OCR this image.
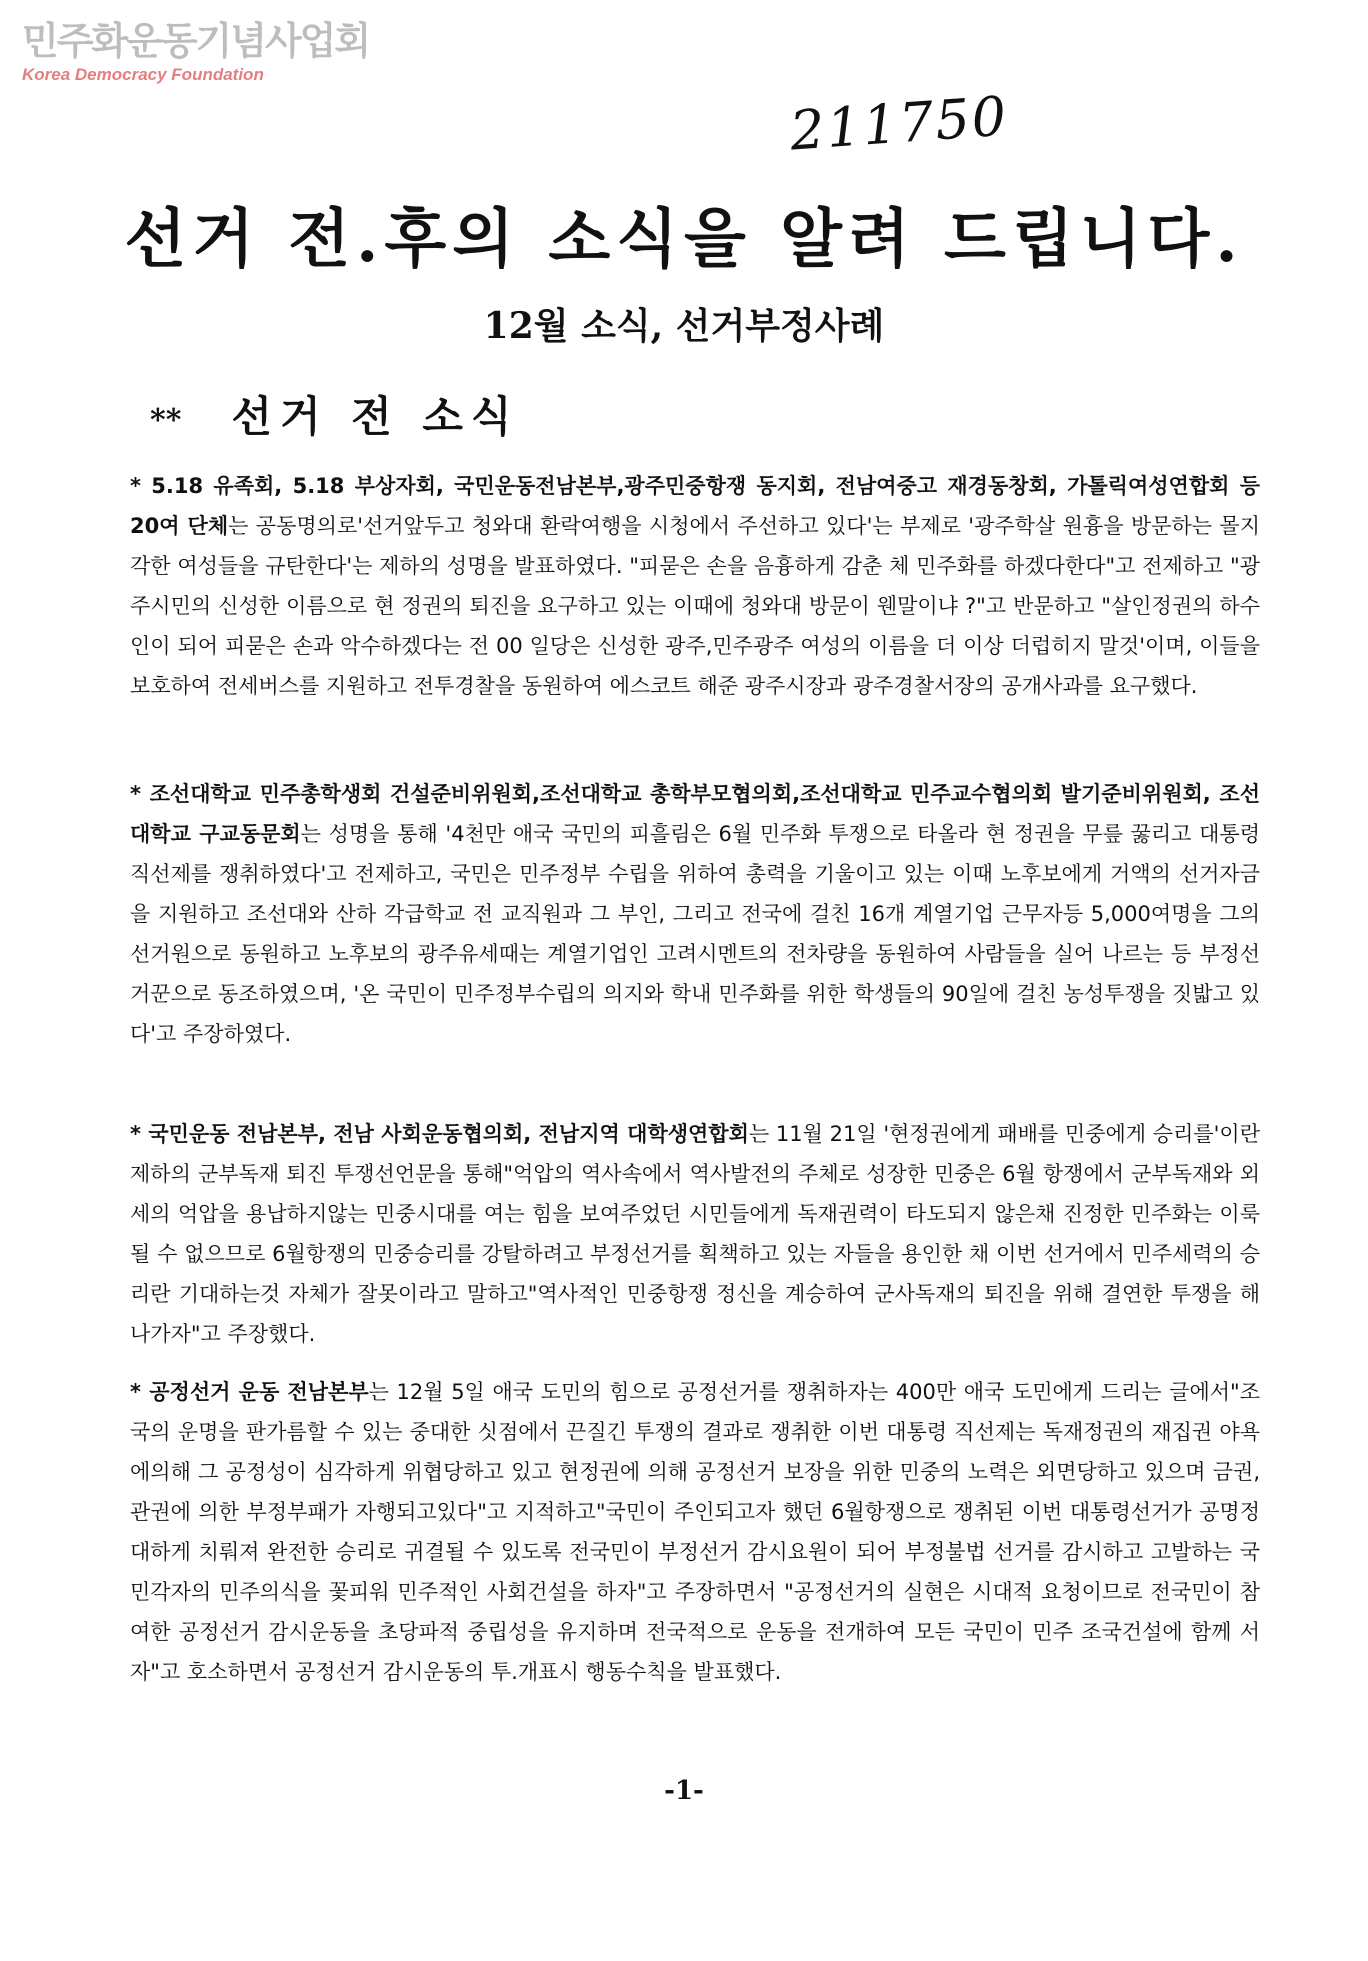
민주화운동기념사업회
Korea Democracy Foundation
211750
선거 전.후의 소식을 알려 드립니다.
12월 소식, 선거부정사례
** 선거 전 소식
* 5.18 유족회, 5.18 부상자회, 국민운동전남본부,광주민중항쟁 동지회, 전남여중고 재경동창회, 가톨릭여성연합회 등 20여 단체는 공동명의로'선거앞두고 청와대 환락여행을 시청에서 주선하고 있다'는 부제로 '광주학살 원흉을 방문하는 몰지각한 여성들을 규탄한다'는 제하의 성명을 발표하였다. "피묻은 손을 음흉하게 감춘 체 민주화를 하겠다한다"고 전제하고 "광주시민의 신성한 이름으로 현 정권의 퇴진을 요구하고 있는 이때에 청와대 방문이 웬말이냐 ?"고 반문하고 "살인정권의 하수인이 되어 피묻은 손과 악수하겠다는 전 00 일당은 신성한 광주,민주광주 여성의 이름을 더 이상 더럽히지 말것'이며, 이들을 보호하여 전세버스를 지원하고 전투경찰을 동원하여 에스코트 해준 광주시장과 광주경찰서장의 공개사과를 요구했다.
* 조선대학교 민주총학생회 건설준비위원회,조선대학교 총학부모협의회,조선대학교 민주교수협의회 발기준비위원회, 조선대학교 구교동문회는 성명을 통해 '4천만 애국 국민의 피흘림은 6월 민주화 투쟁으로 타올라 현 정권을 무릎 꿇리고 대통령 직선제를 쟁취하였다'고 전제하고, 국민은 민주정부 수립을 위하여 총력을 기울이고 있는 이때 노후보에게 거액의 선거자금을 지원하고 조선대와 산하 각급학교 전 교직원과 그 부인, 그리고 전국에 걸친 16개 계열기업 근무자등 5,000여명을 그의 선거원으로 동원하고 노후보의 광주유세때는 계열기업인 고려시멘트의 전차량을 동원하여 사람들을 실어 나르는 등 부정선거꾼으로 동조하였으며, '온 국민이 민주정부수립의 의지와 학내 민주화를 위한 학생들의 90일에 걸친 농성투쟁을 짓밟고 있다'고 주장하였다.
* 국민운동 전남본부, 전남 사회운동협의회, 전남지역 대학생연합회는 11월 21일 '현정권에게 패배를 민중에게 승리를'이란 제하의 군부독재 퇴진 투쟁선언문을 통해"억압의 역사속에서 역사발전의 주체로 성장한 민중은 6월 항쟁에서 군부독재와 외세의 억압을 용납하지않는 민중시대를 여는 힘을 보여주었던 시민들에게 독재권력이 타도되지 않은채 진정한 민주화는 이룩될 수 없으므로 6월항쟁의 민중승리를 강탈하려고 부정선거를 획책하고 있는 자들을 용인한 채 이번 선거에서 민주세력의 승리란 기대하는것 자체가 잘못이라고 말하고"역사적인 민중항쟁 정신을 계승하여 군사독재의 퇴진을 위해 결연한 투쟁을 해 나가자"고 주장했다.
* 공정선거 운동 전남본부는 12월 5일 애국 도민의 힘으로 공정선거를 쟁취하자는 400만 애국 도민에게 드리는 글에서"조국의 운명을 판가름할 수 있는 중대한 싯점에서 끈질긴 투쟁의 결과로 쟁취한 이번 대통령 직선제는 독재정권의 재집권 야욕에의해 그 공정성이 심각하게 위협당하고 있고 현정권에 의해 공정선거 보장을 위한 민중의 노력은 외면당하고 있으며 금권,관권에 의한 부정부패가 자행되고있다"고 지적하고"국민이 주인되고자 했던 6월항쟁으로 쟁취된 이번 대통령선거가 공명정대하게 치뤄져 완전한 승리로 귀결될 수 있도록 전국민이 부정선거 감시요원이 되어 부정불법 선거를 감시하고 고발하는 국민각자의 민주의식을 꽃피워 민주적인 사회건설을 하자"고 주장하면서 "공정선거의 실현은 시대적 요청이므로 전국민이 참여한 공정선거 감시운동을 초당파적 중립성을 유지하며 전국적으로 운동을 전개하여 모든 국민이 민주 조국건설에 함께 서자"고 호소하면서 공정선거 감시운동의 투.개표시 행동수칙을 발표했다.
-1-
